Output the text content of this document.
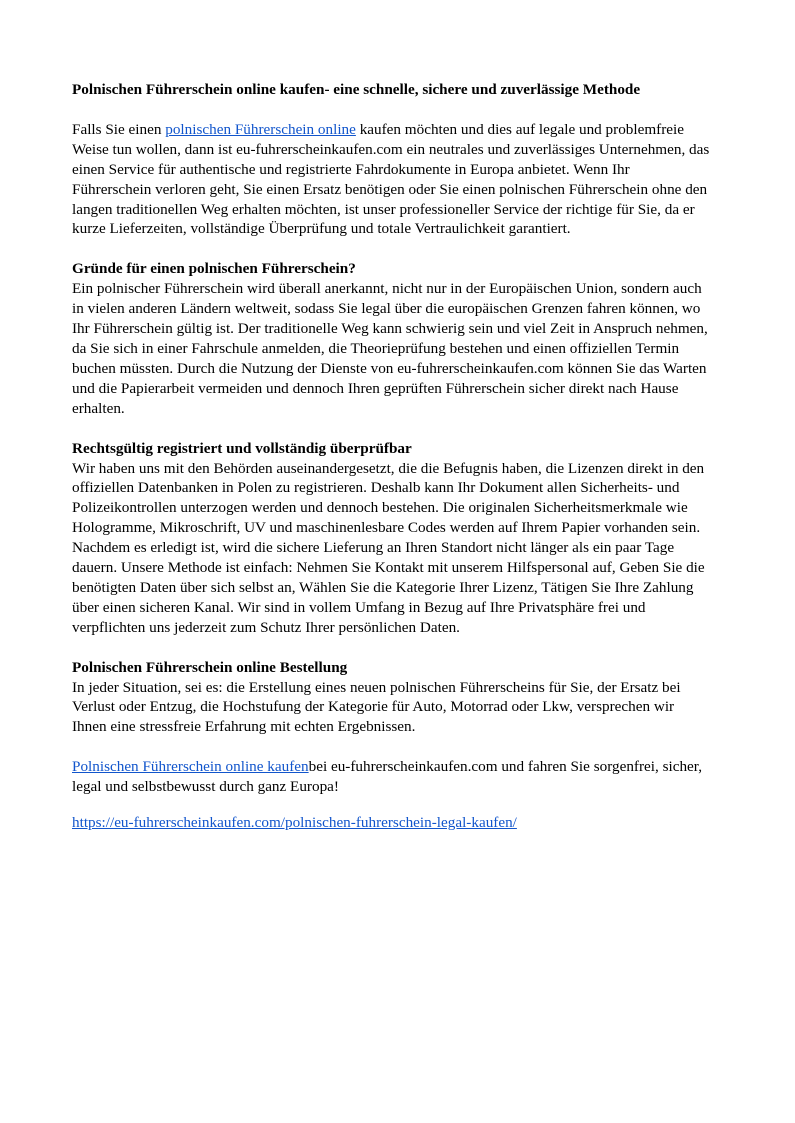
Polnischen Führerschein online kaufen- eine schnelle, sichere und zuverlässige Methode

Falls Sie einen polnischen Führerschein online kaufen möchten und dies auf legale und problemfreie Weise tun wollen, dann ist eu-fuhrerscheinkaufen.com ein neutrales und zuverlässiges Unternehmen, das einen Service für authentische und registrierte Fahrdokumente in Europa anbietet. Wenn Ihr Führerschein verloren geht, Sie einen Ersatz benötigen oder Sie einen polnischen Führerschein ohne den langen traditionellen Weg erhalten möchten, ist unser professioneller Service der richtige für Sie, da er kurze Lieferzeiten, vollständige Überprüfung und totale Vertraulichkeit garantiert.

Gründe für einen polnischen Führerschein?
Ein polnischer Führerschein wird überall anerkannt, nicht nur in der Europäischen Union, sondern auch in vielen anderen Ländern weltweit, sodass Sie legal über die europäischen Grenzen fahren können, wo Ihr Führerschein gültig ist. Der traditionelle Weg kann schwierig sein und viel Zeit in Anspruch nehmen, da Sie sich in einer Fahrschule anmelden, die Theorieprüfung bestehen und einen offiziellen Termin buchen müssten. Durch die Nutzung der Dienste von eu-fuhrerscheinkaufen.com können Sie das Warten und die Papierarbeit vermeiden und dennoch Ihren geprüften Führerschein sicher direkt nach Hause erhalten.

Rechtsgültig registriert und vollständig überprüfbar
Wir haben uns mit den Behörden auseinandergesetzt, die die Befugnis haben, die Lizenzen direkt in den offiziellen Datenbanken in Polen zu registrieren. Deshalb kann Ihr Dokument allen Sicherheits- und Polizeikontrollen unterzogen werden und dennoch bestehen. Die originalen Sicherheitsmerkmale wie Hologramme, Mikroschrift, UV und maschinenlesbare Codes werden auf Ihrem Papier vorhanden sein. Nachdem es erledigt ist, wird die sichere Lieferung an Ihren Standort nicht länger als ein paar Tage dauern. Unsere Methode ist einfach: Nehmen Sie Kontakt mit unserem Hilfspersonal auf, Geben Sie die benötigten Daten über sich selbst an, Wählen Sie die Kategorie Ihrer Lizenz, Tätigen Sie Ihre Zahlung über einen sicheren Kanal. Wir sind in vollem Umfang in Bezug auf Ihre Privatsphäre frei und verpflichten uns jederzeit zum Schutz Ihrer persönlichen Daten.

Polnischen Führerschein online Bestellung
In jeder Situation, sei es: die Erstellung eines neuen polnischen Führerscheins für Sie, der Ersatz bei Verlust oder Entzug, die Hochstufung der Kategorie für Auto, Motorrad oder Lkw, versprechen wir Ihnen eine stressfreie Erfahrung mit echten Ergebnissen.

Polnischen Führerschein online kaufenbei eu-fuhrerscheinkaufen.com und fahren Sie sorgenfrei, sicher, legal und selbstbewusst durch ganz Europa!

https://eu-fuhrerscheinkaufen.com/polnischen-fuhrerschein-legal-kaufen/
